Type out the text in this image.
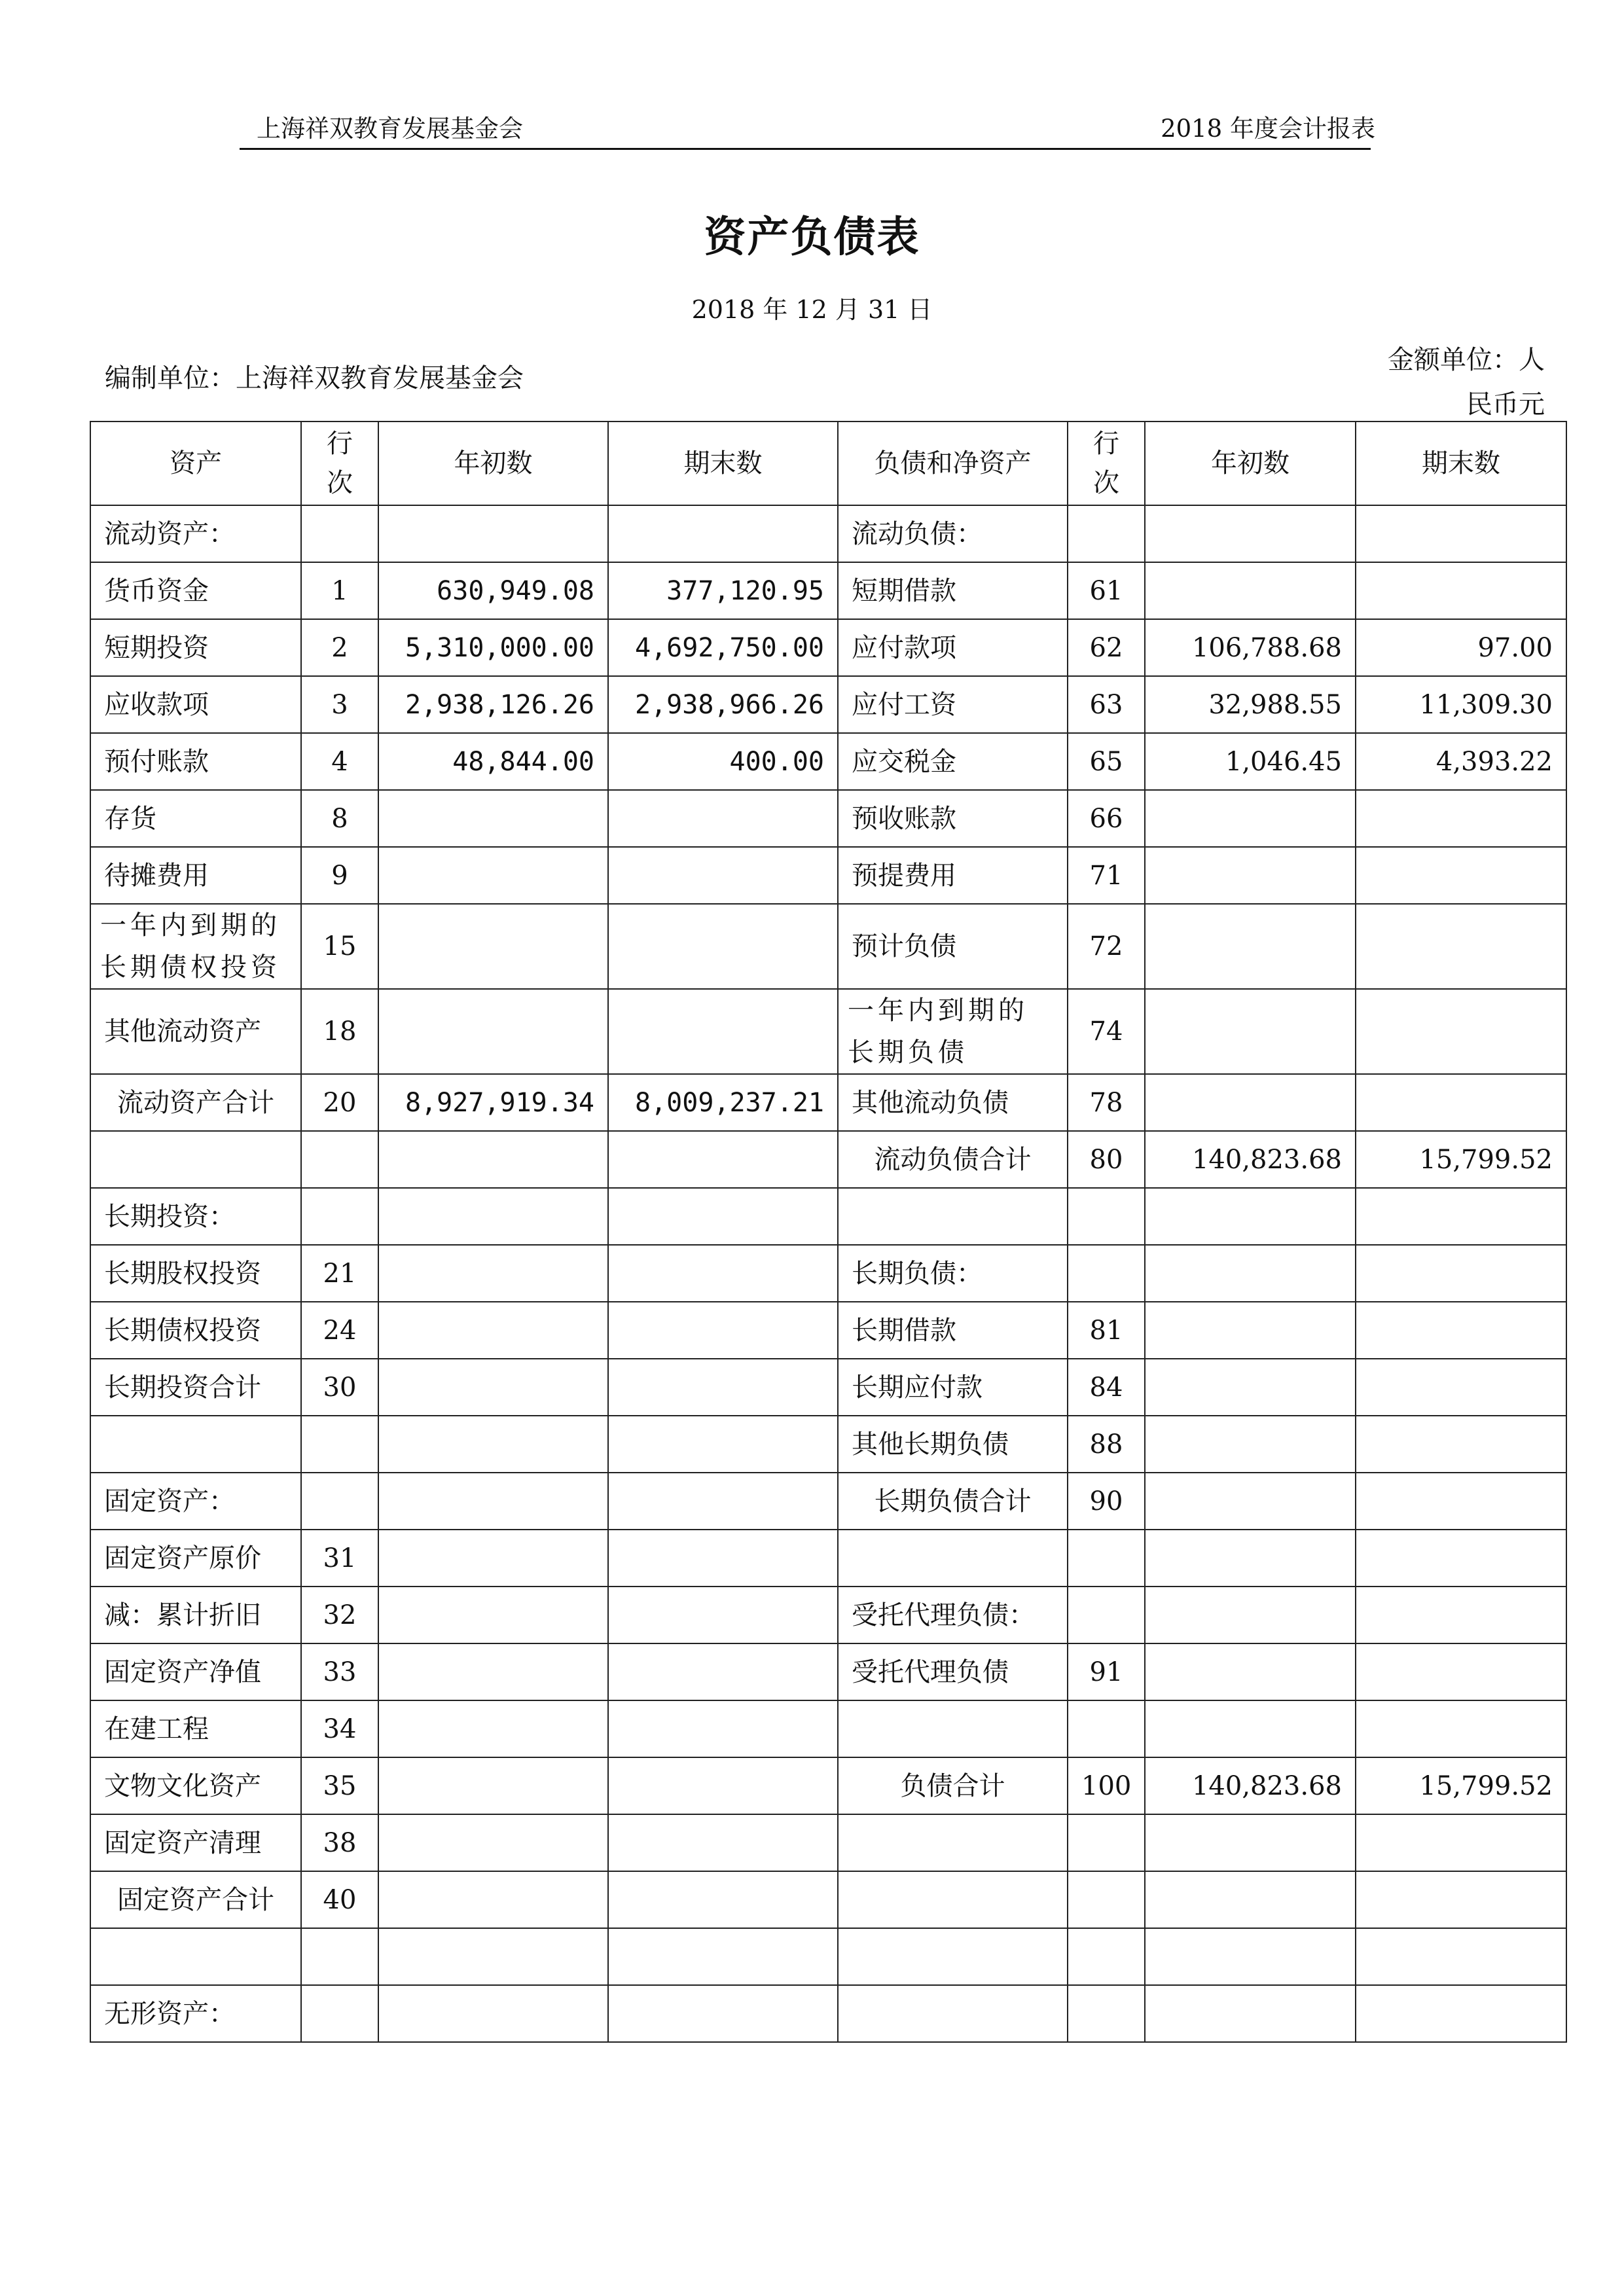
上海祥双教育发展基金会	2018 年度会计报表
资产负债表
2018 年 12 月 31 日
编制单位：上海祥双教育发展基金会
金额单位：人民币元
资产	行次	年初数	期末数	负债和净资产	行次	年初数	期末数
流动资产：				流动负债：			
货币资金	1	630,949.08	377,120.95	短期借款	61		
短期投资	2	5,310,000.00	4,692,750.00	应付款项	62	106,788.68	97.00
应收款项	3	2,938,126.26	2,938,966.26	应付工资	63	32,988.55	11,309.30
预付账款	4	48,844.00	400.00	应交税金	65	1,046.45	4,393.22
存货	8			预收账款	66		
待摊费用	9			预提费用	71		
一年内到期的长期债权投资	15			预计负债	72		
其他流动资产	18			一年内到期的长期负债	74		
流动资产合计	20	8,927,919.34	8,009,237.21	其他流动负债	78		
				流动负债合计	80	140,823.68	15,799.52
长期投资：							
长期股权投资	21			长期负债：			
长期债权投资	24			长期借款	81		
长期投资合计	30			长期应付款	84		
				其他长期负债	88		
固定资产：				长期负债合计	90		
固定资产原价	31						
减：累计折旧	32			受托代理负债：			
固定资产净值	33			受托代理负债	91		
在建工程	34						
文物文化资产	35			负债合计	100	140,823.68	15,799.52
固定资产清理	38						
固定资产合计	40						

无形资产：							
